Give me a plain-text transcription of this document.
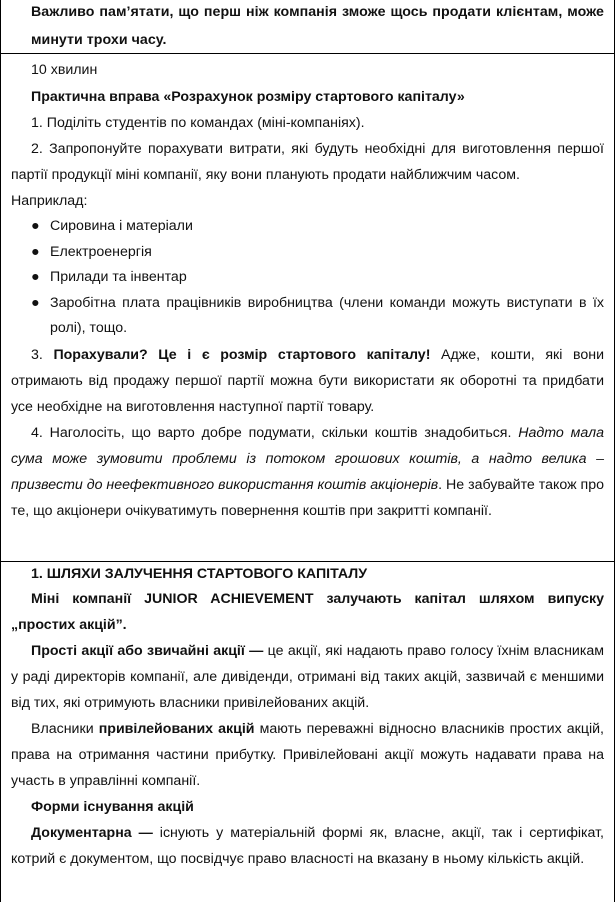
Важливо пам’ятати, що перш ніж компанія зможе щось продати клієнтам, може минути трохи часу.

10 хвилин

Практична вправа «Розрахунок розміру стартового капіталу»

1. Поділіть студентів по командах (міні-компаніях).

2. Запропонуйте порахувати витрати, які будуть необхідні для виготовлення першої партії продукції міні компанії, яку вони планують продати найближчим часом.

Наприклад:

● Сировина і матеріали
● Електроенергія
● Прилади та інвентар
● Заробітна плата працівників виробництва (члени команди можуть виступати в їх ролі), тощо.

3. Порахували? Це і є розмір стартового капіталу! Адже, кошти, які вони отримають від продажу першої партії можна бути використати як оборотні та придбати усе необхідне на виготовлення наступної партії товару.

4. Наголосіть, що варто добре подумати, скільки коштів знадобиться. Надто мала сума може зумовити проблеми із потоком грошових коштів, а надто велика – призвести до неефективного використання коштів акціонерів. Не забувайте також про те, що акціонери очікуватимуть повернення коштів при закритті компанії.

1. ШЛЯХИ ЗАЛУЧЕННЯ СТАРТОВОГО КАПІТАЛУ

Міні компанії JUNIOR ACHIEVEMENT залучають капітал шляхом випуску „простих акцій”.

Прості акції або звичайні акції — це акції, які надають право голосу їхнім власникам у раді директорів компанії, але дивіденди, отримані від таких акцій, зазвичай є меншими від тих, які отримують власники привілейованих акцій.

Власники привілейованих акцій мають переважні відносно власників простих акцій, права на отримання частини прибутку. Привілейовані акції можуть надавати права на участь в управлінні компанії.

Форми існування акцій

Документарна — існують у матеріальній формі як, власне, акції, так і сертифікат, котрий є документом, що посвідчує право власності на вказану в ньому кількість акцій.
